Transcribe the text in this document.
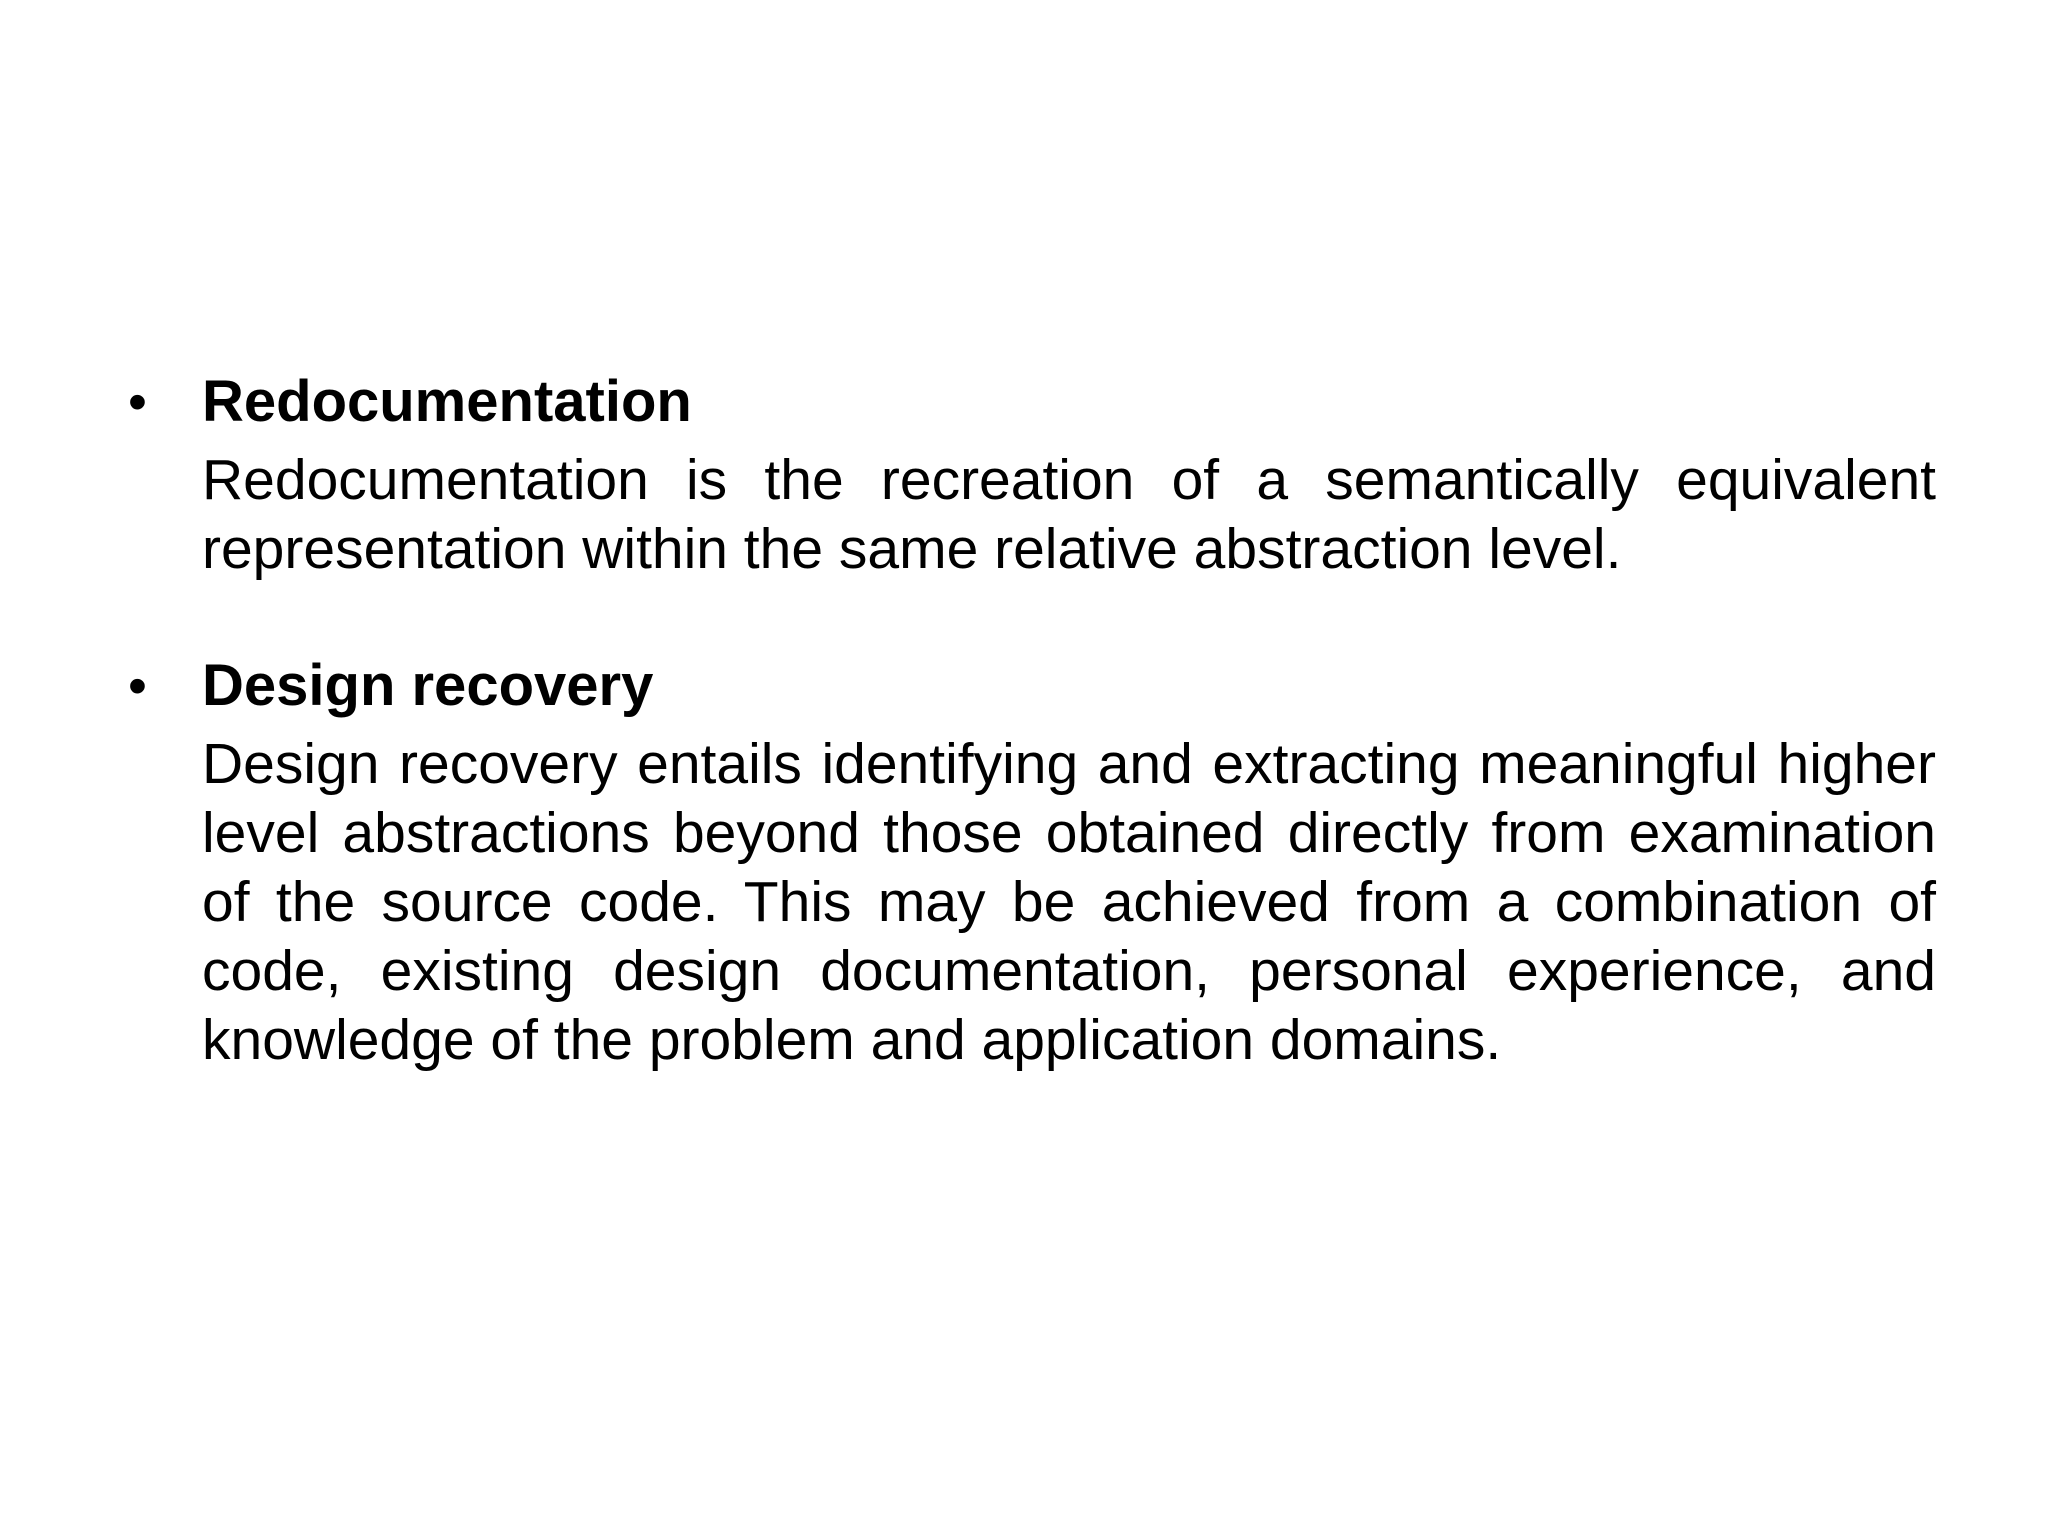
• Redocumentation

Redocumentation is the recreation of a semantically equivalent representation within the same relative abstraction level.

• Design recovery

Design recovery entails identifying and extracting meaningful higher level abstractions beyond those obtained directly from examination of the source code. This may be achieved from a combination of code, existing design documentation, personal experience, and knowledge of the problem and application domains.
